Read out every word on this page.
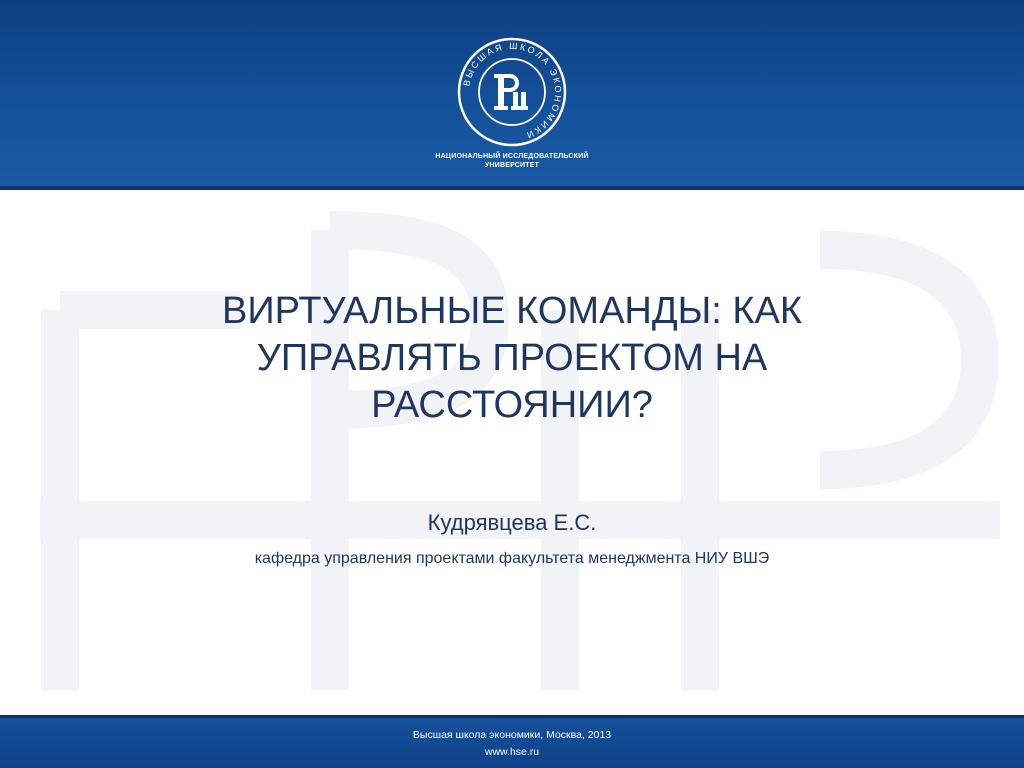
ВЫСШАЯ ШКОЛА ЭКОНОМИКИ
НАЦИОНАЛЬНЫЙ ИССЛЕДОВАТЕЛЬСКИЙ
УНИВЕРСИТЕТ
ВИРТУАЛЬНЫЕ КОМАНДЫ: КАК
УПРАВЛЯТЬ ПРОЕКТОМ НА
РАССТОЯНИИ?
Кудрявцева Е.С.
кафедра управления проектами факультета менеджмента НИУ ВШЭ
Высшая школа экономики, Москва, 2013
www.hse.ru
